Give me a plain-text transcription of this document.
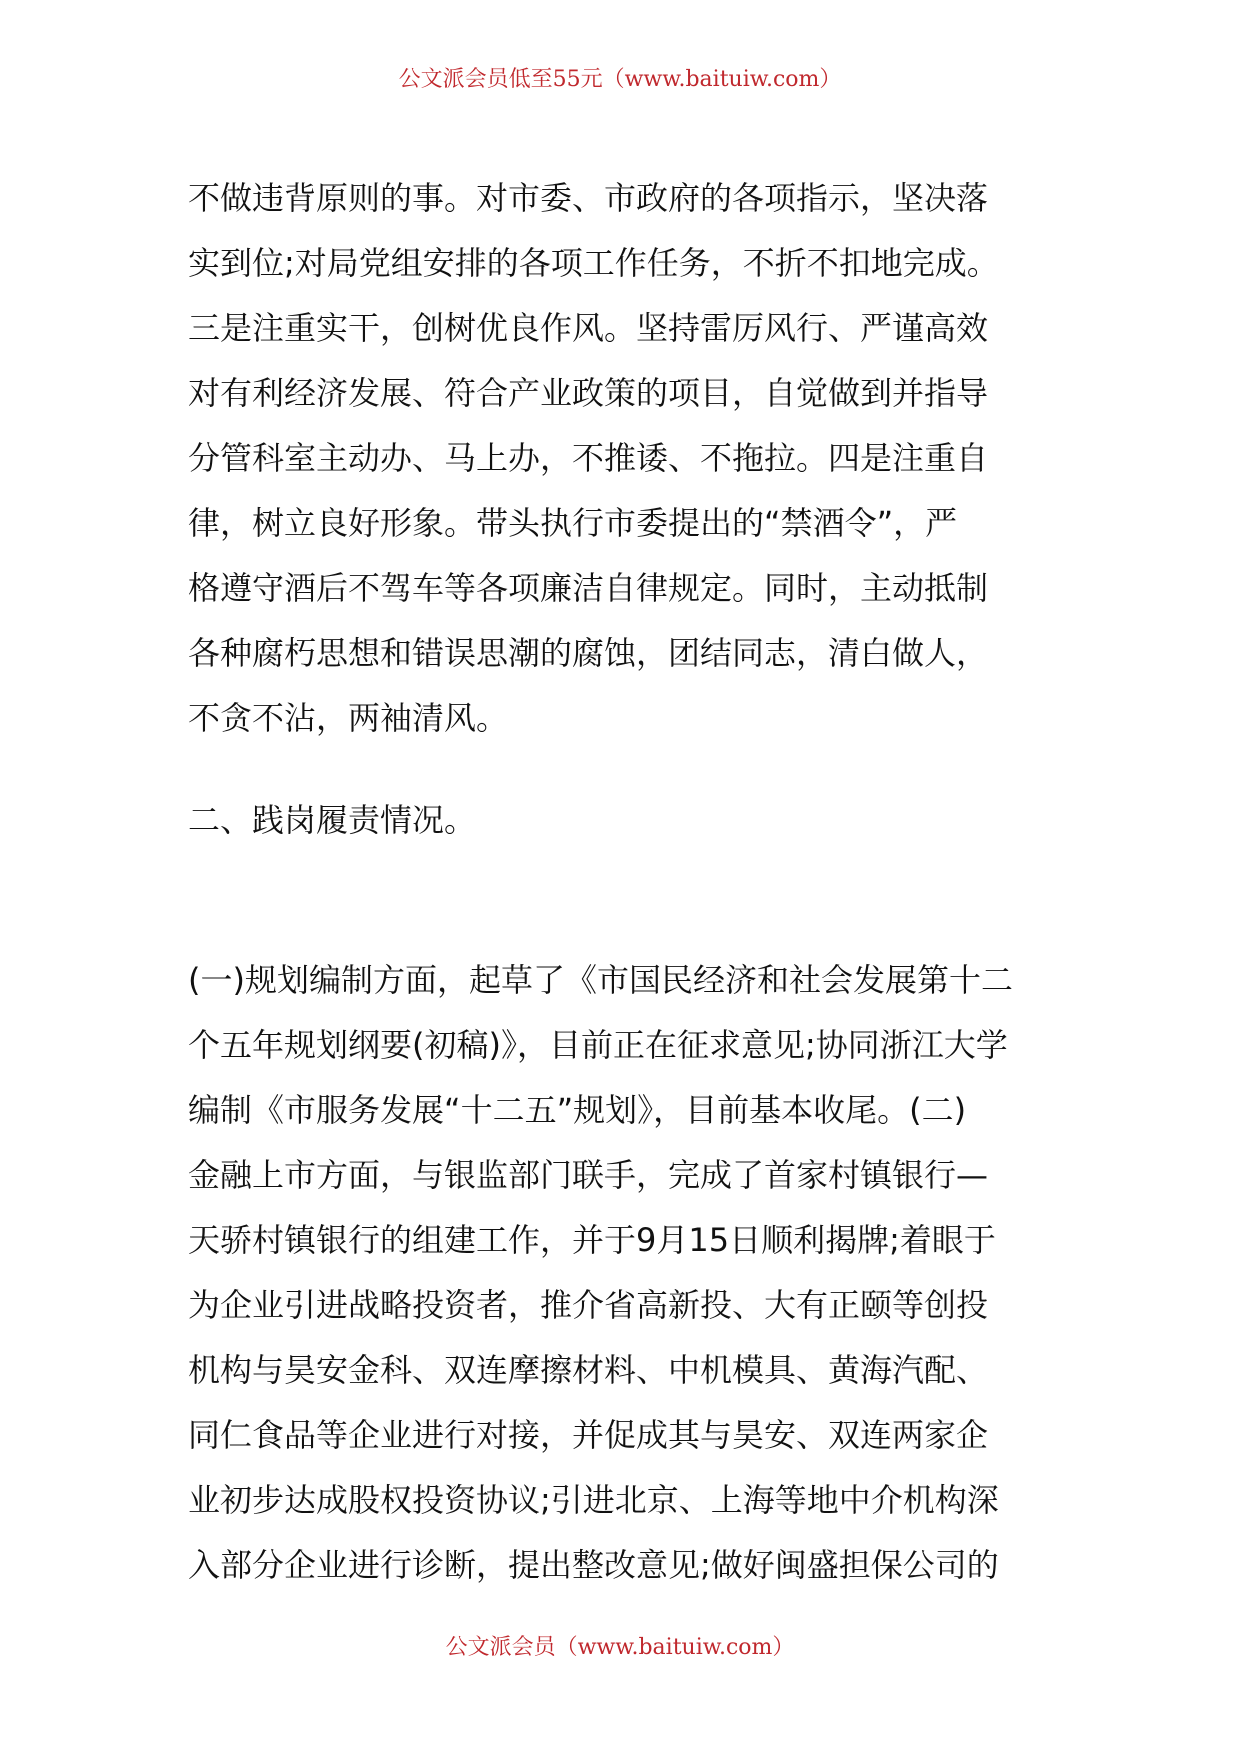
公文派会员低至55元（www.baituiw.com）
不做违背原则的事。对市委、市政府的各项指示，坚决落
实到位;对局党组安排的各项工作任务，不折不扣地完成。
三是注重实干，创树优良作风。坚持雷厉风行、严谨高效
对有利经济发展、符合产业政策的项目，自觉做到并指导
分管科室主动办、马上办，不推诿、不拖拉。四是注重自
律，树立良好形象。带头执行市委提出的“禁酒令”，严
格遵守酒后不驾车等各项廉洁自律规定。同时，主动抵制
各种腐朽思想和错误思潮的腐蚀，团结同志，清白做人，
不贪不沾，两袖清风。
二、践岗履责情况。
(一)规划编制方面，起草了《市国民经济和社会发展第十二
个五年规划纲要(初稿)》，目前正在征求意见;协同浙江大学
编制《市服务发展“十二五”规划》，目前基本收尾。(二)
金融上市方面，与银监部门联手，完成了首家村镇银行—
天骄村镇银行的组建工作，并于9月15日顺利揭牌;着眼于
为企业引进战略投资者，推介省高新投、大有正颐等创投
机构与昊安金科、双连摩擦材料、中机模具、黄海汽配、
同仁食品等企业进行对接，并促成其与昊安、双连两家企
业初步达成股权投资协议;引进北京、上海等地中介机构深
入部分企业进行诊断，提出整改意见;做好闽盛担保公司的
公文派会员（www.baituiw.com）
